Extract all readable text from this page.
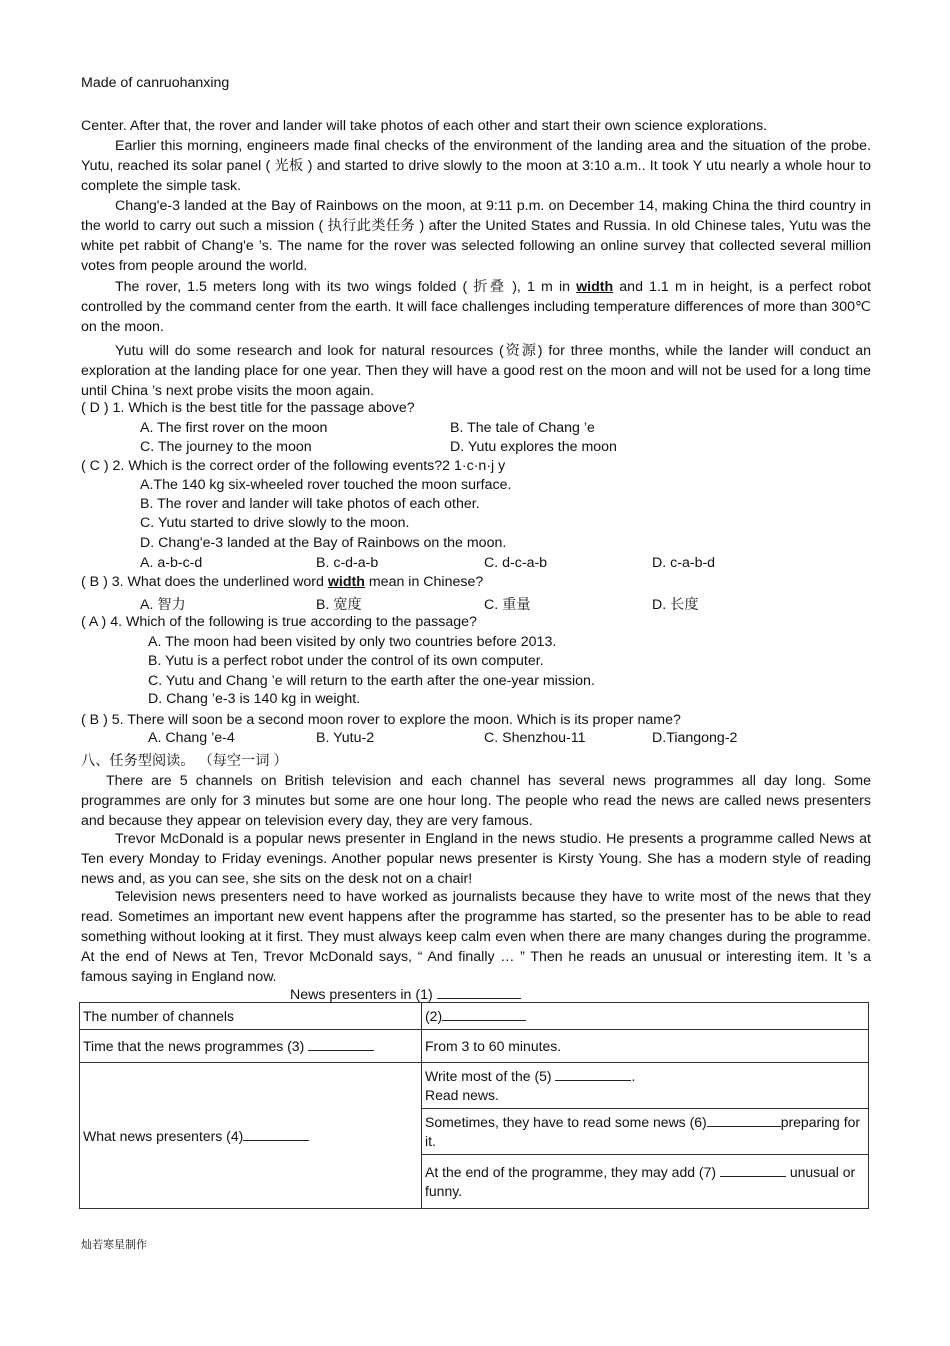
Made of canruohanxing
Center. After that, the rover and lander will take photos of each other and start their own science explorations.
Earlier this morning, engineers made final checks of the environment of the landing area and the situation of the probe. Yutu, reached its solar panel ( 光板 ) and started to drive slowly to the moon at 3:10 a.m.. It took Y utu nearly a whole hour to complete the simple task.
Chang'e-3 landed at the Bay of Rainbows on the moon, at 9:11 p.m. on December 14, making China the third country in the world to carry out such a mission ( 执行此类任务 ) after the United States and Russia. In old Chinese tales, Yutu was the white pet rabbit of Chang'e ’s. The name for the rover was selected following an online survey that collected several million votes from people around the world.
The rover, 1.5 meters long with its two wings folded ( 折叠 ), 1 m in width and 1.1 m in height, is a perfect robot controlled by the command center from the earth. It will face challenges including temperature differences of more than 300℃ on the moon.
Yutu will do some research and look for natural resources (资源) for three months, while the lander will conduct an exploration at the landing place for one year. Then they will have a good rest on the moon and will not be used for a long time until China ’s next probe visits the moon again.
( D ) 1. Which is the best title for the passage above?
A. The first rover on the moon	B. The tale of Chang ’e
C. The journey to the moon	D. Yutu explores the moon
( C ) 2. Which is the correct order of the following events?2 1·c·n·j y
A.The 140 kg six-wheeled rover touched the moon surface.
B. The rover and lander will take photos of each other.
C. Yutu started to drive slowly to the moon.
D. Chang'e-3 landed at the Bay of Rainbows on the moon.
A. a-b-c-d	B. c-d-a-b	C. d-c-a-b	D. c-a-b-d
( B ) 3. What does the underlined word width mean in Chinese?
A. 智力	B. 宽度	C. 重量	D. 长度
( A ) 4. Which of the following is true according to the passage?
A. The moon had been visited by only two countries before 2013.
B. Yutu is a perfect robot under the control of its own computer.
C. Yutu and Chang ’e will return to the earth after the one-year mission.
D. Chang ’e-3 is 140 kg in weight.
( B ) 5. There will soon be a second moon rover to explore the moon. Which is its proper name?
A. Chang ’e-4	B. Yutu-2	C. Shenzhou-11	D.Tiangong-2
八、任务型阅读。 （每空一词 ）
There are 5 channels on British television and each channel has several news programmes all day long. Some programmes are only for 3 minutes but some are one hour long. The people who read the news are called news presenters and because they appear on television every day, they are very famous.
Trevor McDonald is a popular news presenter in England in the news studio. He presents a programme called News at Ten every Monday to Friday evenings. Another popular news presenter is Kirsty Young. She has a modern style of reading news and, as you can see, she sits on the desk not on a chair!
Television news presenters need to have worked as journalists because they have to write most of the news that they read. Sometimes an important new event happens after the programme has started, so the presenter has to be able to read something without looking at it first. They must always keep calm even when there are many changes during the programme. At the end of News at Ten, Trevor McDonald says, “ And finally … ” Then he reads an unusual or interesting item. It ’s a famous saying in England now.
News presenters in (1)
The number of channels	(2)
Time that the news programmes (3)	From 3 to 60 minutes.
What news presenters (4)	Write most of the (5) .
Read news.
	Sometimes, they have to read some news (6) preparing for it.
	At the end of the programme, they may add (7) unusual or funny.
灿若寒星制作
